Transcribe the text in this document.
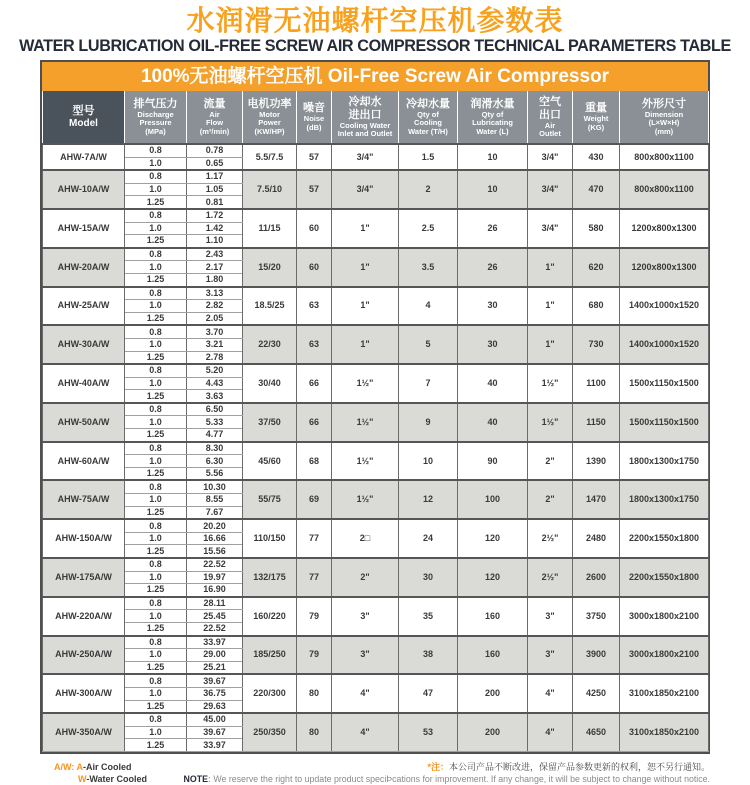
水润滑无油螺杆空压机参数表
WATER LUBRICATION OIL-FREE SCREW AIR COMPRESSOR TECHNICAL PARAMETERS TABLE
100%无油螺杆空压机 Oil-Free Screw Air Compressor
型号
Model	排气压力
Discharge
Pressure
(MPa)	流量
Air
Flow
(m³/min)	电机功率
Motor
Power
(KW/HP)	噪音
Noise
(dB)	冷却水
进出口
Cooling Water
Inlet and Outlet	冷却水量
Qty of
Cooling
Water (T/H)	润滑水量
Qty of
Lubricating
Water (L)	空气
出口
Air
Outlet	重量
Weight
(KG)	外形尺寸
Dimension
(L×W×H)
(mm)

AHW-7A/W	0.8	0.78	5.5/7.5	57	3/4"	1.5	10	3/4"	430	800x800x1100
	1.0	0.65								
AHW-10A/W	0.8	1.17	7.5/10	57	3/4"	2	10	3/4"	470	800x800x1100
	1.0	1.05								
	1.25	0.81								
AHW-15A/W	0.8	1.72	11/15	60	1"	2.5	26	3/4"	580	1200x800x1300
	1.0	1.42								
	1.25	1.10								
AHW-20A/W	0.8	2.43	15/20	60	1"	3.5	26	1"	620	1200x800x1300
	1.0	2.17								
	1.25	1.80								
AHW-25A/W	0.8	3.13	18.5/25	63	1"	4	30	1"	680	1400x1000x1520
	1.0	2.82								
	1.25	2.05								
AHW-30A/W	0.8	3.70	22/30	63	1"	5	30	1"	730	1400x1000x1520
	1.0	3.21								
	1.25	2.78								
AHW-40A/W	0.8	5.20	30/40	66	1½"	7	40	1½"	1100	1500x1150x1500
	1.0	4.43								
	1.25	3.63								
AHW-50A/W	0.8	6.50	37/50	66	1½"	9	40	1½"	1150	1500x1150x1500
	1.0	5.33								
	1.25	4.77								
AHW-60A/W	0.8	8.30	45/60	68	1½"	10	90	2"	1390	1800x1300x1750
	1.0	6.30								
	1.25	5.56								
AHW-75A/W	0.8	10.30	55/75	69	1½"	12	100	2"	1470	1800x1300x1750
	1.0	8.55								
	1.25	7.67								
AHW-150A/W	0.8	20.20	110/150	77	2□	24	120	2½"	2480	2200x1550x1800
	1.0	16.66								
	1.25	15.56								
AHW-175A/W	0.8	22.52	132/175	77	2"	30	120	2½"	2600	2200x1550x1800
	1.0	19.97								
	1.25	16.90								
AHW-220A/W	0.8	28.11	160/220	79	3"	35	160	3"	3750	3000x1800x2100
	1.0	25.45								
	1.25	22.52								
AHW-250A/W	0.8	33.97	185/250	79	3"	38	160	3"	3900	3000x1800x2100
	1.0	29.00								
	1.25	25.21								
AHW-300A/W	0.8	39.67	220/300	80	4"	47	200	4"	4250	3100x1850x2100
	1.0	36.75								
	1.25	29.63								
AHW-350A/W	0.8	45.00	250/350	80	4"	53	200	4"	4650	3100x1850x2100
	1.0	39.67								
	1.25	33.97								
A/W: A-Air Cooled	*注：本公司产品不断改进，保留产品参数更新的权利，恕不另行通知。
W-Water Cooled	NOTE: We reserve the right to update product speciÞcations for improvement. If any change, it will be subject to change without notice.
